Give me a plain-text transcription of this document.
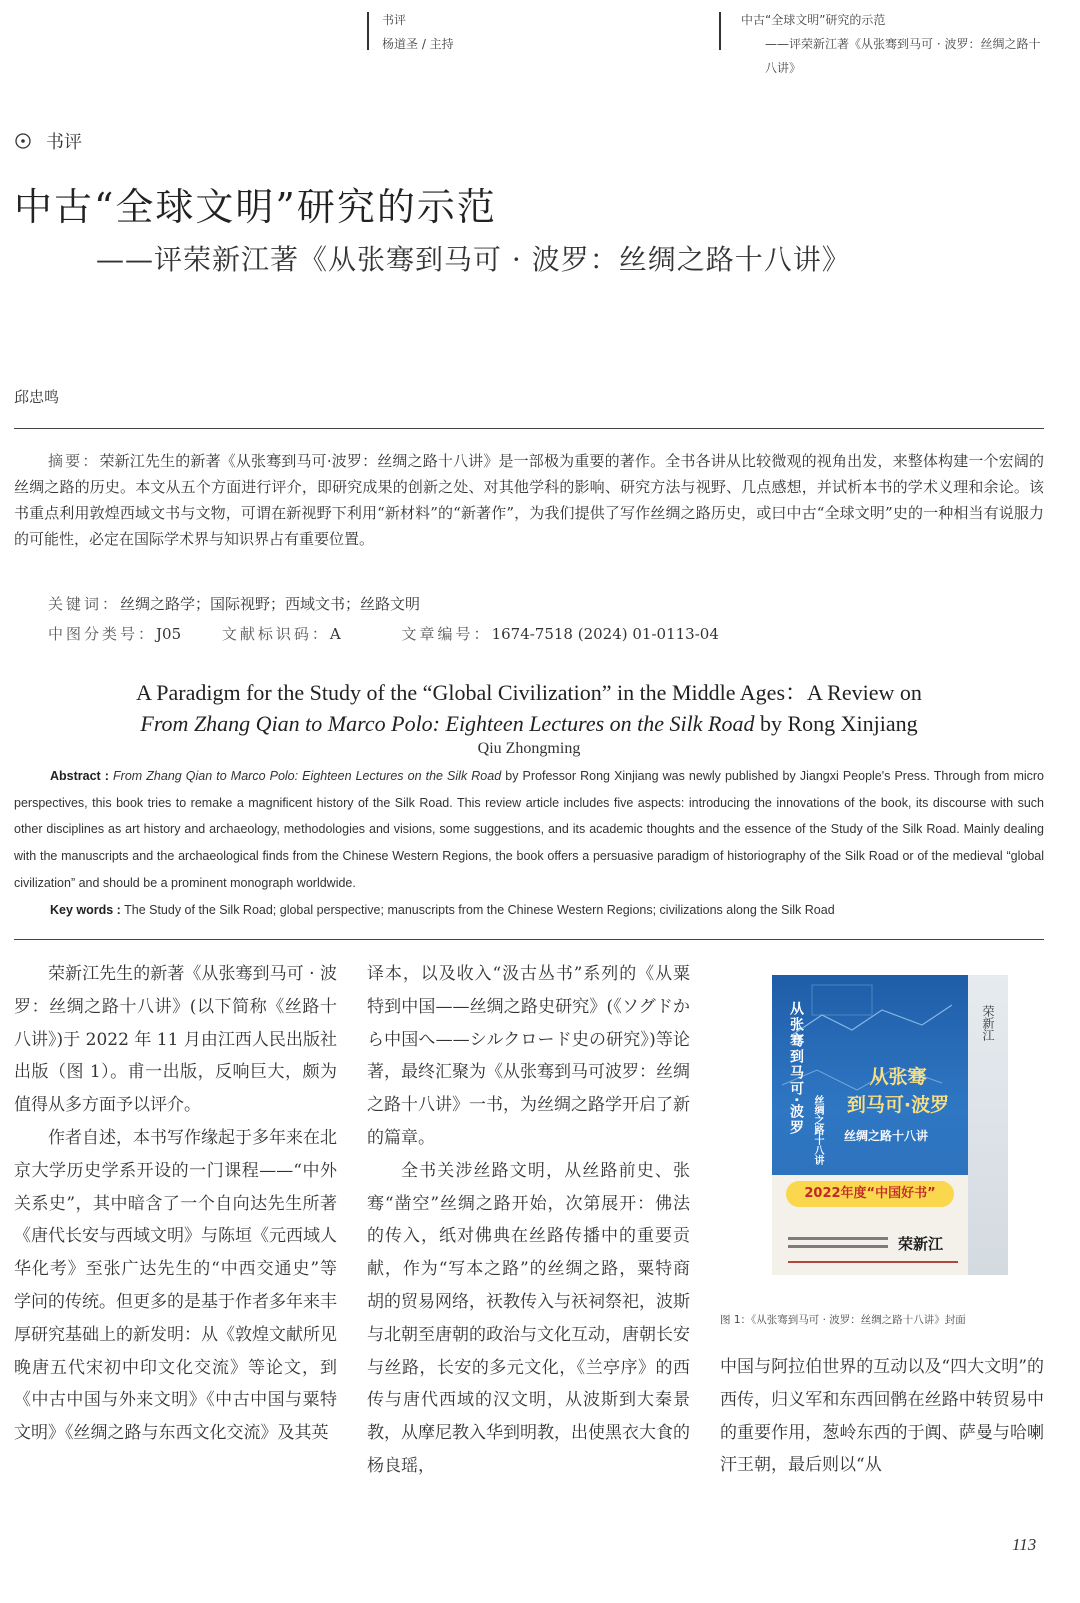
书评
杨道圣 / 主持
中古“全球文明”研究的示范
——评荣新江著《从张骞到马可 · 波罗：丝绸之路十八讲》
书评
中古“全球文明”研究的示范
——评荣新江著《从张骞到马可 · 波罗：丝绸之路十八讲》
邱忠鸣
摘要：荣新江先生的新著《从张骞到马可·波罗：丝绸之路十八讲》是一部极为重要的著作。全书各讲从比较微观的视角出发，来整体构建一个宏阔的丝绸之路的历史。本文从五个方面进行评介，即研究成果的创新之处、对其他学科的影响、研究方法与视野、几点感想，并试析本书的学术义理和余论。该书重点利用敦煌西域文书与文物，可谓在新视野下利用“新材料”的“新著作”，为我们提供了写作丝绸之路历史，或曰中古“全球文明”史的一种相当有说服力的可能性，必定在国际学术界与知识界占有重要位置。
关键词：丝绸之路学；国际视野；西域文书；丝路文明
中图分类号：J05	文献标识码：A	文章编号：1674-7518 (2024) 01-0113-04
A Paradigm for the Study of the “Global Civilization” in the Middle Ages：A Review on
From Zhang Qian to Marco Polo: Eighteen Lectures on the Silk Road by Rong Xinjiang
Qiu Zhongming
Abstract : From Zhang Qian to Marco Polo: Eighteen Lectures on the Silk Road by Professor Rong Xinjiang was newly published by Jiangxi People's Press. Through from micro perspectives, this book tries to remake a magnificent history of the Silk Road. This review article includes five aspects: introducing the innovations of the book, its discourse with such other disciplines as art history and archaeology, methodologies and visions, some suggestions, and its academic thoughts and the essence of the Study of the Silk Road. Mainly dealing with the manuscripts and the archaeological finds from the Chinese Western Regions, the book offers a persuasive paradigm of historiography of the Silk Road or of the medieval “global civilization” and should be a prominent monograph worldwide.
Key words : The Study of the Silk Road; global perspective; manuscripts from the Chinese Western Regions; civilizations along the Silk Road

荣新江先生的新著《从张骞到马可 · 波罗：丝绸之路十八讲》(以下简称《丝路十八讲》)于 2022 年 11 月由江西人民出版社出版（图 1）。甫一出版，反响巨大，颇为值得从多方面予以评介。

作者自述，本书写作缘起于多年来在北京大学历史学系开设的一门课程——“中外关系史”，其中暗含了一个自向达先生所著《唐代长安与西域文明》与陈垣《元西域人华化考》至张广达先生的“中西交通史”等学问的传统。但更多的是基于作者多年来丰厚研究基础上的新发明：从《敦煌文献所见晚唐五代宋初中印文化交流》等论文，到《中古中国与外来文明》《中古中国与粟特文明》《丝绸之路与东西文化交流》及其英

译本，以及收入“汲古丛书”系列的《从粟特到中国——丝绸之路史研究》(《ソグドから中国へ——シルクロード史の研究》)等论著，最终汇聚为《从张骞到马可波罗：丝绸之路十八讲》一书，为丝绸之路学开启了新的篇章。

全书关涉丝路文明，从丝路前史、张骞“凿空”丝绸之路开始，次第展开：佛法的传入，纸对佛典在丝路传播中的重要贡献，作为“写本之路”的丝绸之路，粟特商胡的贸易网络，祆教传入与祆祠祭祀，波斯与北朝至唐朝的政治与文化互动，唐朝长安与丝路，长安的多元文化，《兰亭序》的西传与唐代西域的汉文明，从波斯到大秦景教，从摩尼教入华到明教，出使黑衣大食的杨良瑶，

从张骞到马可·波罗 丝绸之路十八讲
从张骞
到马可·波罗
丝绸之路十八讲
荣新江
2022年度“中国好书”
荣新江
图 1：《从张骞到马可 · 波罗：丝绸之路十八讲》封面

中国与阿拉伯世界的互动以及“四大文明”的西传，归义军和东西回鹘在丝路中转贸易中的重要作用，葱岭东西的于阗、萨曼与哈喇汗王朝，最后则以“从

113
